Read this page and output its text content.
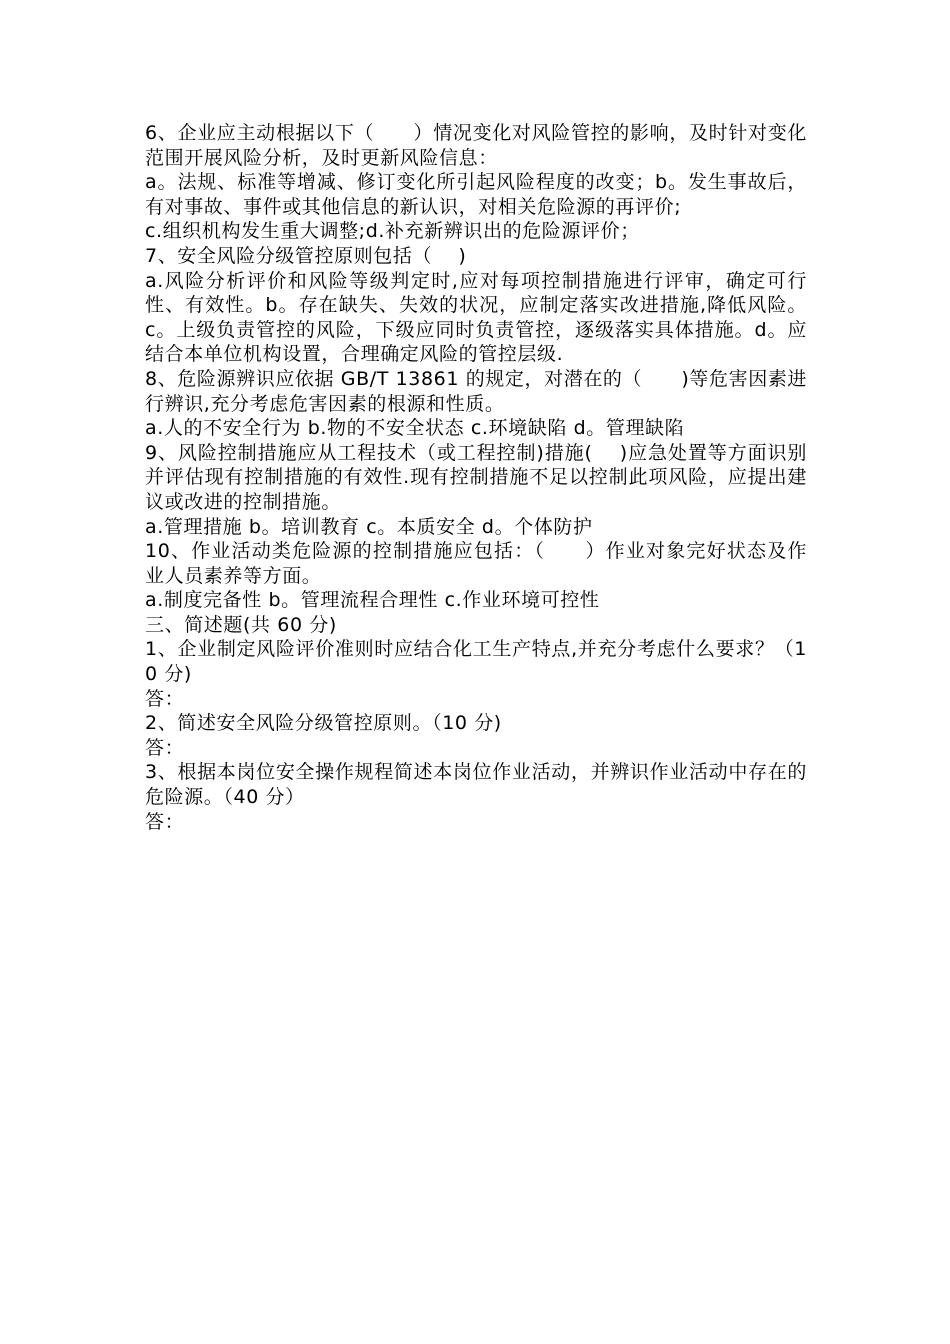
6、企业应主动根据以下（　　）情况变化对风险管控的影响，及时针对变化范围开展风险分析，及时更新风险信息：

a。法规、标准等增减、修订变化所引起风险程度的改变；b。发生事故后，有对事故、事件或其他信息的新认识，对相关危险源的再评价;

c.组织机构发生重大调整;d.补充新辨识出的危险源评价；

7、安全风险分级管控原则包括（　 )

a.风险分析评价和风险等级判定时,应对每项控制措施进行评审，确定可行性、有效性。b。存在缺失、失效的状况，应制定落实改进措施,降低风险。c。上级负责管控的风险，下级应同时负责管控，逐级落实具体措施。d。应结合本单位机构设置，合理确定风险的管控层级.

8、危险源辨识应依据 GB/T 13861 的规定，对潜在的（　　)等危害因素进行辨识,充分考虑危害因素的根源和性质。

a.人的不安全行为 b.物的不安全状态 c.环境缺陷 d。管理缺陷

9、风险控制措施应从工程技术（或工程控制)措施(　 )应急处置等方面识别并评估现有控制措施的有效性.现有控制措施不足以控制此项风险，应提出建议或改进的控制措施。

a.管理措施 b。培训教育 c。本质安全 d。个体防护

10、作业活动类危险源的控制措施应包括：（　　）作业对象完好状态及作业人员素养等方面。

a.制度完备性 b。管理流程合理性 c.作业环境可控性

三、简述题(共 60 分)

1、企业制定风险评价准则时应结合化工生产特点,并充分考虑什么要求？（10 分)

答：

2、简述安全风险分级管控原则。（10 分)

答：

3、根据本岗位安全操作规程简述本岗位作业活动，并辨识作业活动中存在的危险源。（40 分）

答：
